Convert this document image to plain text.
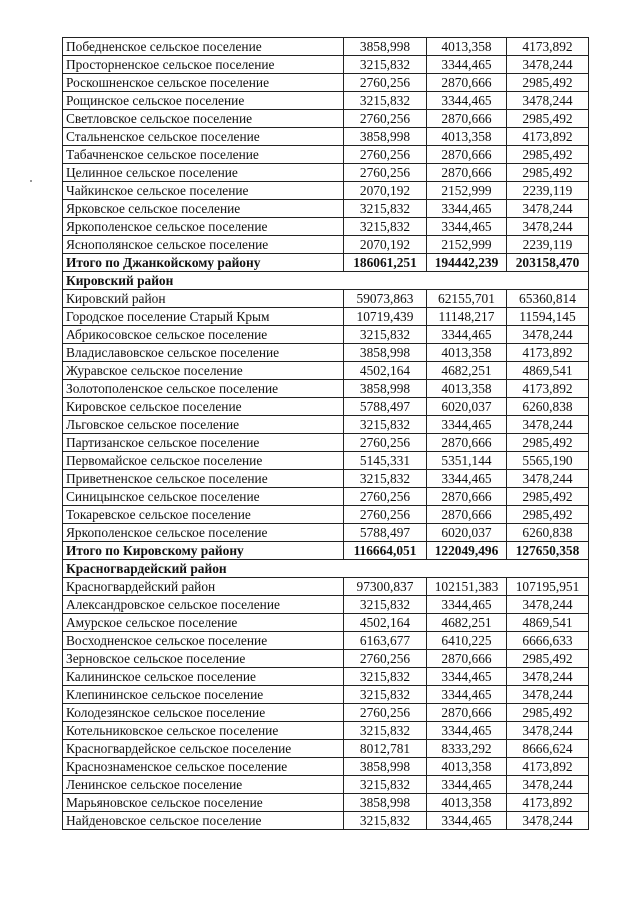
Победненское сельское поселение	3858,998	4013,358	4173,892
Просторненское сельское поселение	3215,832	3344,465	3478,244
Роскошненское сельское поселение	2760,256	2870,666	2985,492
Рощинское сельское поселение	3215,832	3344,465	3478,244
Светловское сельское поселение	2760,256	2870,666	2985,492
Стальненское сельское поселение	3858,998	4013,358	4173,892
Табачненское сельское поселение	2760,256	2870,666	2985,492
Целинное сельское поселение	2760,256	2870,666	2985,492
Чайкинское сельское поселение	2070,192	2152,999	2239,119
Ярковское сельское поселение	3215,832	3344,465	3478,244
Яркополенское сельское поселение	3215,832	3344,465	3478,244
Яснополянское сельское поселение	2070,192	2152,999	2239,119
Итого по Джанкойскому району	186061,251	194442,239	203158,470
Кировский район			
Кировский район	59073,863	62155,701	65360,814
Городское поселение Старый Крым	10719,439	11148,217	11594,145
Абрикосовское сельское поселение	3215,832	3344,465	3478,244
Владиславовское сельское поселение	3858,998	4013,358	4173,892
Журавское сельское поселение	4502,164	4682,251	4869,541
Золотополенское сельское поселение	3858,998	4013,358	4173,892
Кировское сельское поселение	5788,497	6020,037	6260,838
Льговское сельское поселение	3215,832	3344,465	3478,244
Партизанское сельское поселение	2760,256	2870,666	2985,492
Первомайское сельское поселение	5145,331	5351,144	5565,190
Приветненское сельское поселение	3215,832	3344,465	3478,244
Синицынское сельское поселение	2760,256	2870,666	2985,492
Токаревское сельское поселение	2760,256	2870,666	2985,492
Яркополенское сельское поселение	5788,497	6020,037	6260,838
Итого по Кировскому району	116664,051	122049,496	127650,358
Красногвардейский район			
Красногвардейский район	97300,837	102151,383	107195,951
Александровское сельское поселение	3215,832	3344,465	3478,244
Амурское сельское поселение	4502,164	4682,251	4869,541
Восходненское сельское поселение	6163,677	6410,225	6666,633
Зерновское сельское поселение	2760,256	2870,666	2985,492
Калининское сельское поселение	3215,832	3344,465	3478,244
Клепининское сельское поселение	3215,832	3344,465	3478,244
Колодезянское сельское поселение	2760,256	2870,666	2985,492
Котельниковское сельское поселение	3215,832	3344,465	3478,244
Красногвардейское сельское поселение	8012,781	8333,292	8666,624
Краснознаменское сельское поселение	3858,998	4013,358	4173,892
Ленинское сельское поселение	3215,832	3344,465	3478,244
Марьяновское сельское поселение	3858,998	4013,358	4173,892
Найденовское сельское поселение	3215,832	3344,465	3478,244
